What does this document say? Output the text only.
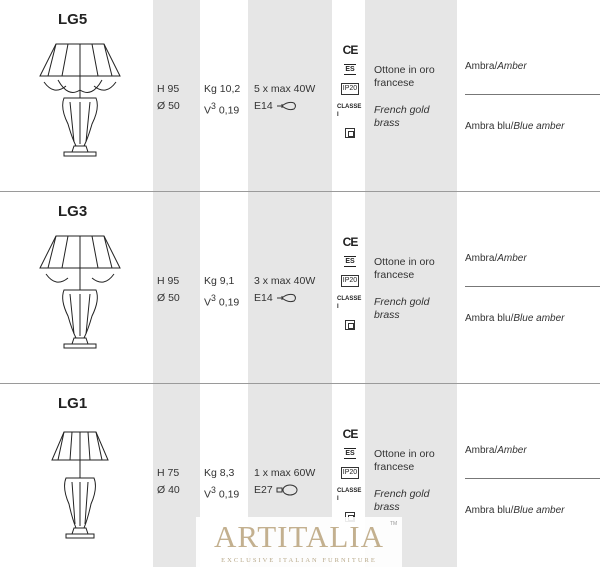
LG5
H 95
Ø 50
Kg 10,2
$V^3$ 0,19
5 x max 40W
E14
CE
ES
IP20
CLASSE I
Ottone in oro francese
French gold brass
Ambra/Amber
Ambra blu/Blue amber
LG3
H 95
Ø 50
Kg 9,1
$V^3$ 0,19
3 x max 40W
E14
CE
ES
IP20
CLASSE I
Ottone in oro francese
French gold brass
Ambra/Amber
Ambra blu/Blue amber
LG1
H 75
Ø 40
Kg 8,3
$V^3$ 0,19
1 x max 60W
E27
CE
ES
IP20
CLASSE I
Ottone in oro francese
French gold brass
Ambra/Amber
Ambra blu/Blue amber
ARTITALIA	TM
EXCLUSIVE ITALIAN FURNITURE
